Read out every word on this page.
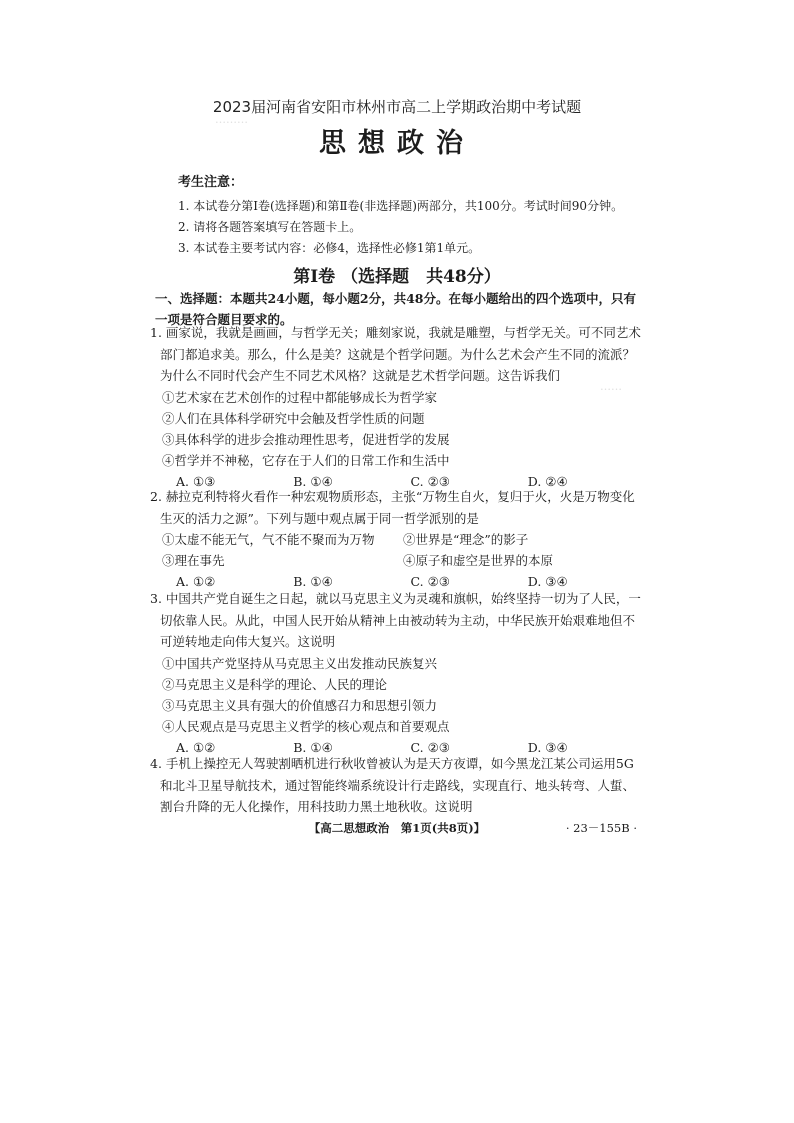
………
……
2023届河南省安阳市林州市高二上学期政治期中考试题
思想政治
考生注意：
1. 本试卷分第Ⅰ卷(选择题)和第Ⅱ卷(非选择题)两部分，共100分。考试时间90分钟。
2. 请将各题答案填写在答题卡上。
3. 本试卷主要考试内容：必修4，选择性必修1第1单元。
第Ⅰ卷 （选择题　共48分）
一、选择题：本题共24小题，每小题2分，共48分。在每小题给出的四个选项中，只有一项是符合题目要求的。
1. 画家说，我就是画画，与哲学无关；雕刻家说，我就是雕塑，与哲学无关。可不同艺术部门都追求美。那么，什么是美？这就是个哲学问题。为什么艺术会产生不同的流派？为什么不同时代会产生不同艺术风格？这就是艺术哲学问题。这告诉我们
①艺术家在艺术创作的过程中都能够成长为哲学家
②人们在具体科学研究中会触及哲学性质的问题
③具体科学的进步会推动理性思考，促进哲学的发展
④哲学并不神秘，它存在于人们的日常工作和生活中
A. ①③	B. ①④	C. ②③	D. ②④
2. 赫拉克利特将火看作一种宏观物质形态，主张“万物生自火，复归于火，火是万物变化生灭的活力之源”。下列与题中观点属于同一哲学派别的是
①太虚不能无气，气不能不聚而为万物	②世界是“理念”的影子
③理在事先	④原子和虚空是世界的本原
A. ①②	B. ①④	C. ②③	D. ③④
3. 中国共产党自诞生之日起，就以马克思主义为灵魂和旗帜，始终坚持一切为了人民，一切依靠人民。从此，中国人民开始从精神上由被动转为主动，中华民族开始艰难地但不可逆转地走向伟大复兴。这说明
①中国共产党坚持从马克思主义出发推动民族复兴
②马克思主义是科学的理论、人民的理论
③马克思主义具有强大的价值感召力和思想引领力
④人民观点是马克思主义哲学的核心观点和首要观点
A. ①②	B. ①④	C. ②③	D. ③④
4. 手机上操控无人驾驶割晒机进行秋收曾被认为是天方夜谭，如今黑龙江某公司运用5G和北斗卫星导航技术，通过智能终端系统设计行走路线，实现直行、地头转弯、人蜇、割台升降的无人化操作，用科技助力黑土地秋收。这说明
【高二思想政治　第1页(共8页)】	· 23－155B ·
